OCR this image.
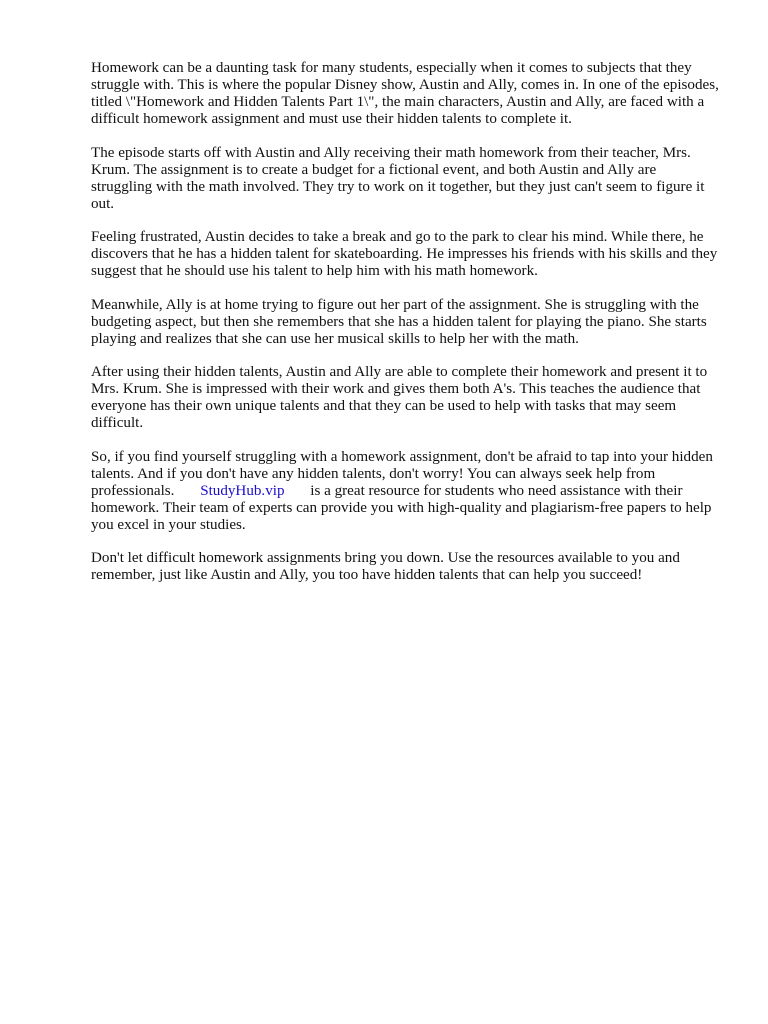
Homework can be a daunting task for many students, especially when it comes to subjects that they struggle with. This is where the popular Disney show, Austin and Ally, comes in. In one of the episodes, titled \"Homework and Hidden Talents Part 1\", the main characters, Austin and Ally, are faced with a difficult homework assignment and must use their hidden talents to complete it.

The episode starts off with Austin and Ally receiving their math homework from their teacher, Mrs. Krum. The assignment is to create a budget for a fictional event, and both Austin and Ally are struggling with the math involved. They try to work on it together, but they just can't seem to figure it out.

Feeling frustrated, Austin decides to take a break and go to the park to clear his mind. While there, he discovers that he has a hidden talent for skateboarding. He impresses his friends with his skills and they suggest that he should use his talent to help him with his math homework.

Meanwhile, Ally is at home trying to figure out her part of the assignment. She is struggling with the budgeting aspect, but then she remembers that she has a hidden talent for playing the piano. She starts playing and realizes that she can use her musical skills to help her with the math.

After using their hidden talents, Austin and Ally are able to complete their homework and present it to Mrs. Krum. She is impressed with their work and gives them both A's. This teaches the audience that everyone has their own unique talents and that they can be used to help with tasks that may seem difficult.

So, if you find yourself struggling with a homework assignment, don't be afraid to tap into your hidden talents. And if you don't have any hidden talents, don't worry! You can always seek help from professionals. StudyHub.vip is a great resource for students who need assistance with their homework. Their team of experts can provide you with high-quality and plagiarism-free papers to help you excel in your studies.

Don't let difficult homework assignments bring you down. Use the resources available to you and remember, just like Austin and Ally, you too have hidden talents that can help you succeed!
